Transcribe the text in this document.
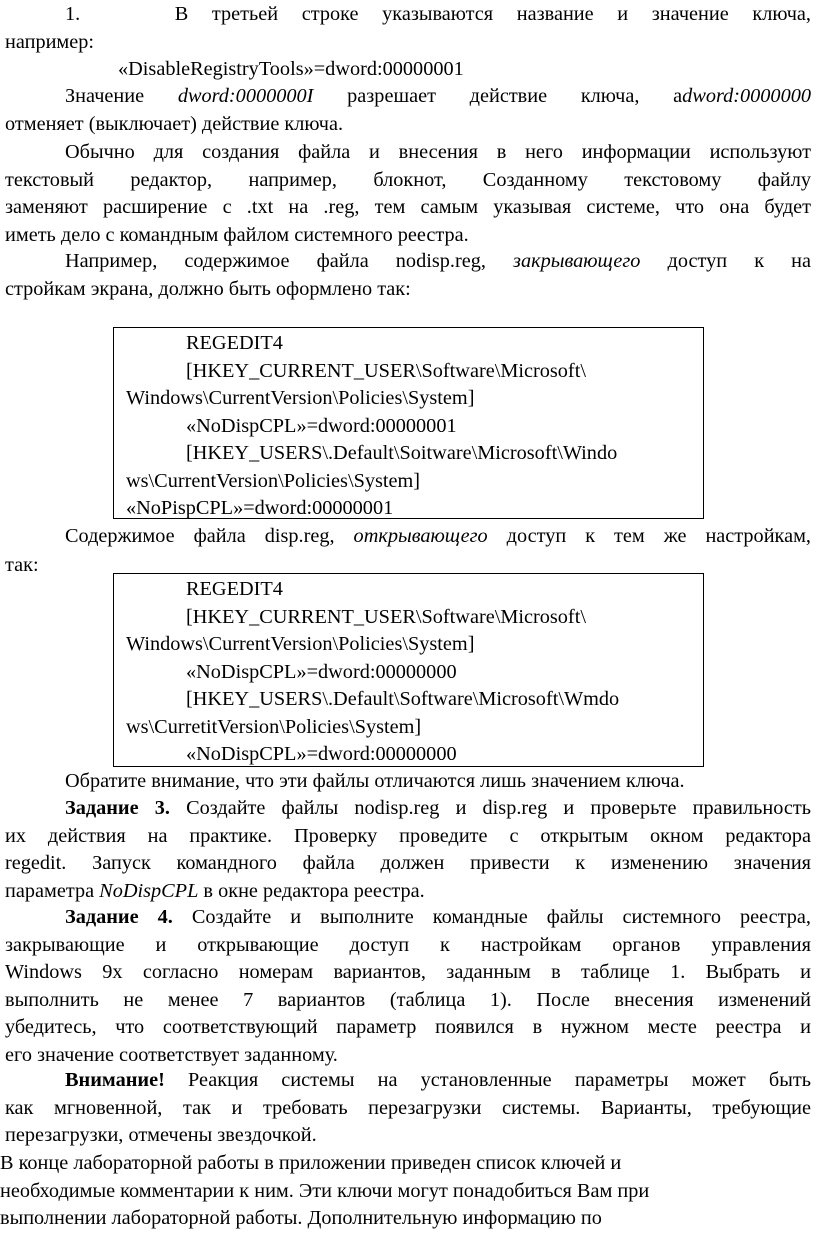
1.	В третьей строке указываются название и значение ключа,
например:
«DisableRegistryTools»=dword:00000001
Значение dword:0000000I разрешает действие ключа, аdword:0000000
отменяет (выключает) действие ключа.
Обычно для создания файла и внесения в него информации используют
текстовый редактор, например, блокнот, Созданному текстовому файлу
заменяют расширение с .txt на .reg, тем самым указывая системе, что она будет
иметь дело с командным файлом системного реестра.
Например, содержимое файла nodisp.reg, закрывающего доступ к на
стройкам экрана, должно быть оформлено так:
REGEDIT4
[HKEY_CURRENT_USER\Software\Microsoft\
Windows\CurrentVersion\Policies\System]
«NoDispCPL»=dword:00000001
[HKEY_USERS\.Default\Soitware\Microsoft\Windo
ws\CurrentVersion\Policies\System]
«NoPispCPL»=dword:00000001
Содержимое файла disp.reg, открывающего доступ к тем же настройкам,
так:
REGEDIT4
[HKEY_CURRENT_USER\Software\Microsoft\
Windows\CurrentVersion\Policies\System]
«NoDispCPL»=dword:00000000
[HKEY_USERS\.Default\Software\Microsoft\Wmdo
ws\CurretitVersion\Policies\System]
«NoDispCPL»=dword:00000000
Обратите внимание, что эти файлы отличаются лишь значением ключа.
Задание 3. Создайте файлы nodisp.reg и disp.reg и проверьте правильность
их действия на практике. Проверку проведите с открытым окном редактора
regedit. Запуск командного файла должен привести к изменению значения
параметра NoDispCPL в окне редактора реестра.
Задание 4. Создайте и выполните командные файлы системного реестра,
закрывающие и открывающие доступ к настройкам органов управления
Windows 9x согласно номерам вариантов, заданным в таблице 1. Выбрать и
выполнить не менее 7 вариантов (таблица 1). После внесения изменений
убедитесь, что соответствующий параметр появился в нужном месте реестра и
его значение соответствует заданному.
Внимание! Реакция системы на установленные параметры может быть
как мгновенной, так и требовать перезагрузки системы. Варианты, требующие
перезагрузки, отмечены звездочкой.
В конце лабораторной работы в приложении приведен список ключей и
необходимые комментарии к ним. Эти ключи могут понадобиться Вам при
выполнении лабораторной работы. Дополнительную информацию по
